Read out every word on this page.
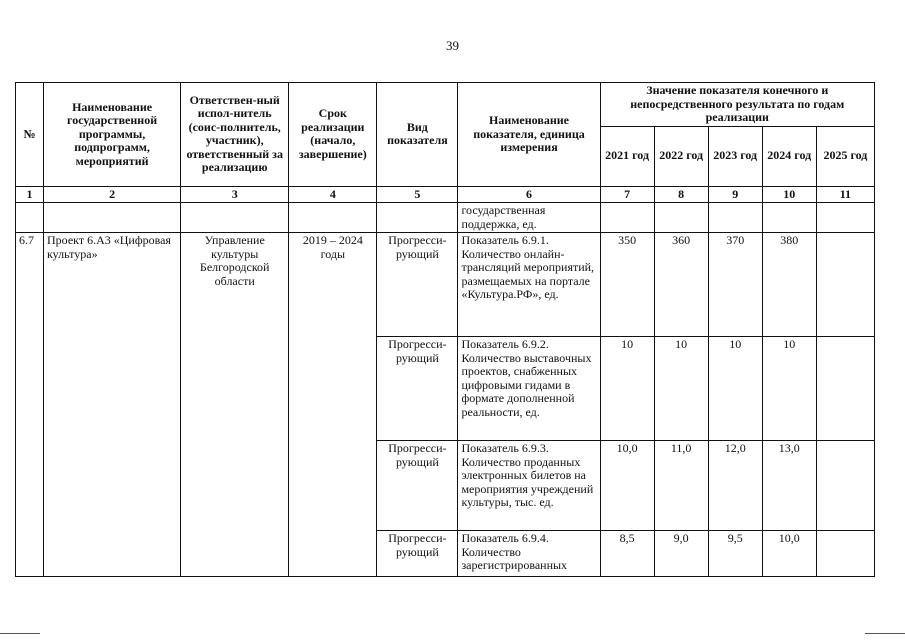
39
№	Наименование государственной программы, подпрограмм, мероприятий	Ответствен-ный испол-нитель (соис-полнитель, участник), ответственный за реализацию	Срок реализации (начало, завершение)	Вид показателя	Наименование показателя, единица измерения	Значение показателя конечного и непосредственного результата по годам реализации				
						2021 год	2022 год	2023 год	2024 год	2025 год
1	2	3	4	5	6	7	8	9	10	11
					государственная поддержка, ед.					
6.7	Проект 6.А3 «Цифровая культура»	Управление культуры Белгородской области	2019 – 2024 годы	Прогресси-рующий	Показатель 6.9.1. Количество онлайн-трансляций мероприятий, размещаемых на портале «Культура.РФ», ед.	350	360	370	380	
				Прогресси-рующий	Показатель 6.9.2. Количество выставочных проектов, снабженных цифровыми гидами в формате дополненной реальности, ед.	10	10	10	10	
				Прогресси-рующий	Показатель 6.9.3. Количество проданных электронных билетов на мероприятия учреждений культуры, тыс. ед.	10,0	11,0	12,0	13,0	
				Прогресси-рующий	Показатель 6.9.4. Количество зарегистрированных	8,5	9,0	9,5	10,0	
